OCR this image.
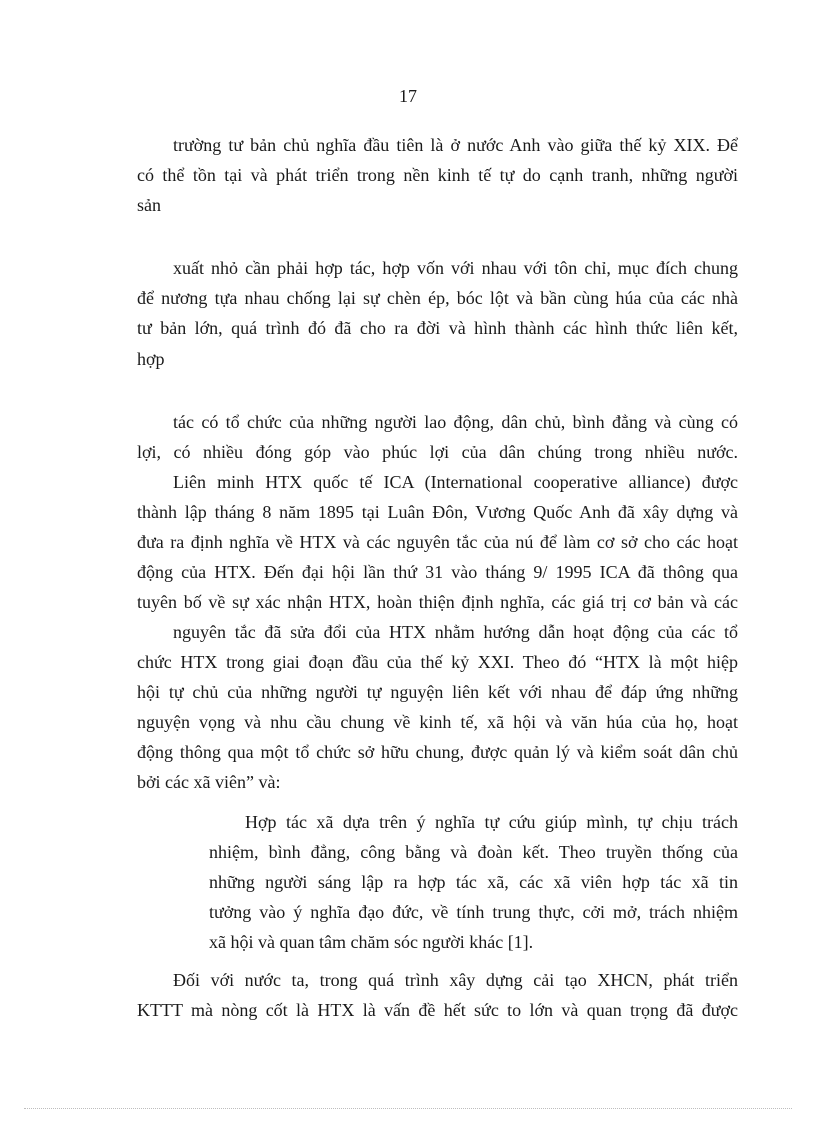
17
trường tư bản chủ nghĩa đầu tiên là ở nước Anh vào giữa thế kỷ XIX. Để
có thể tồn tại và phát triển trong nền kinh tế tự do cạnh tranh, những người
sản
xuất nhỏ cần phải hợp tác, hợp vốn với nhau với tôn chỉ, mục đích chung
để nương tựa nhau chống lại sự chèn ép, bóc lột và bần cùng húa của các nhà
tư bản lớn, quá trình đó đã cho ra đời và hình thành các hình thức liên kết,
hợp
tác có tổ chức của những người lao động, dân chủ, bình đẳng và cùng có
lợi, có nhiều đóng góp vào phúc lợi của dân chúng trong nhiều nước.
Liên minh HTX quốc tế ICA (International cooperative alliance) được
thành lập tháng 8 năm 1895 tại Luân Đôn, Vương Quốc Anh đã xây dựng và
đưa ra định nghĩa về HTX và các nguyên tắc của nú để làm cơ sở cho các hoạt
động của HTX. Đến đại hội lần thứ 31 vào tháng 9/ 1995 ICA đã thông qua
tuyên bố về sự xác nhận HTX, hoàn thiện định nghĩa, các giá trị cơ bản và các
nguyên tắc đã sửa đổi của HTX nhằm hướng dẫn hoạt động của các tổ
chức HTX trong giai đoạn đầu của thế kỷ XXI. Theo đó “HTX là một hiệp
hội tự chủ của những người tự nguyện liên kết với nhau để đáp ứng những
nguyện vọng và nhu cầu chung về kinh tế, xã hội và văn húa của họ, hoạt
động thông qua một tổ chức sở hữu chung, được quản lý và kiểm soát dân chủ
bởi các xã viên” và:
Hợp tác xã dựa trên ý nghĩa tự cứu giúp mình, tự chịu trách
nhiệm, bình đẳng, công bằng và đoàn kết. Theo truyền thống của
những người sáng lập ra hợp tác xã, các xã viên hợp tác xã tin
tưởng vào ý nghĩa đạo đức, về tính trung thực, cởi mở, trách nhiệm
xã hội và quan tâm chăm sóc người khác [1].
Đối với nước ta, trong quá trình xây dựng cải tạo XHCN, phát triển
KTTT mà nòng cốt là HTX là vấn đề hết sức to lớn và quan trọng đã được
